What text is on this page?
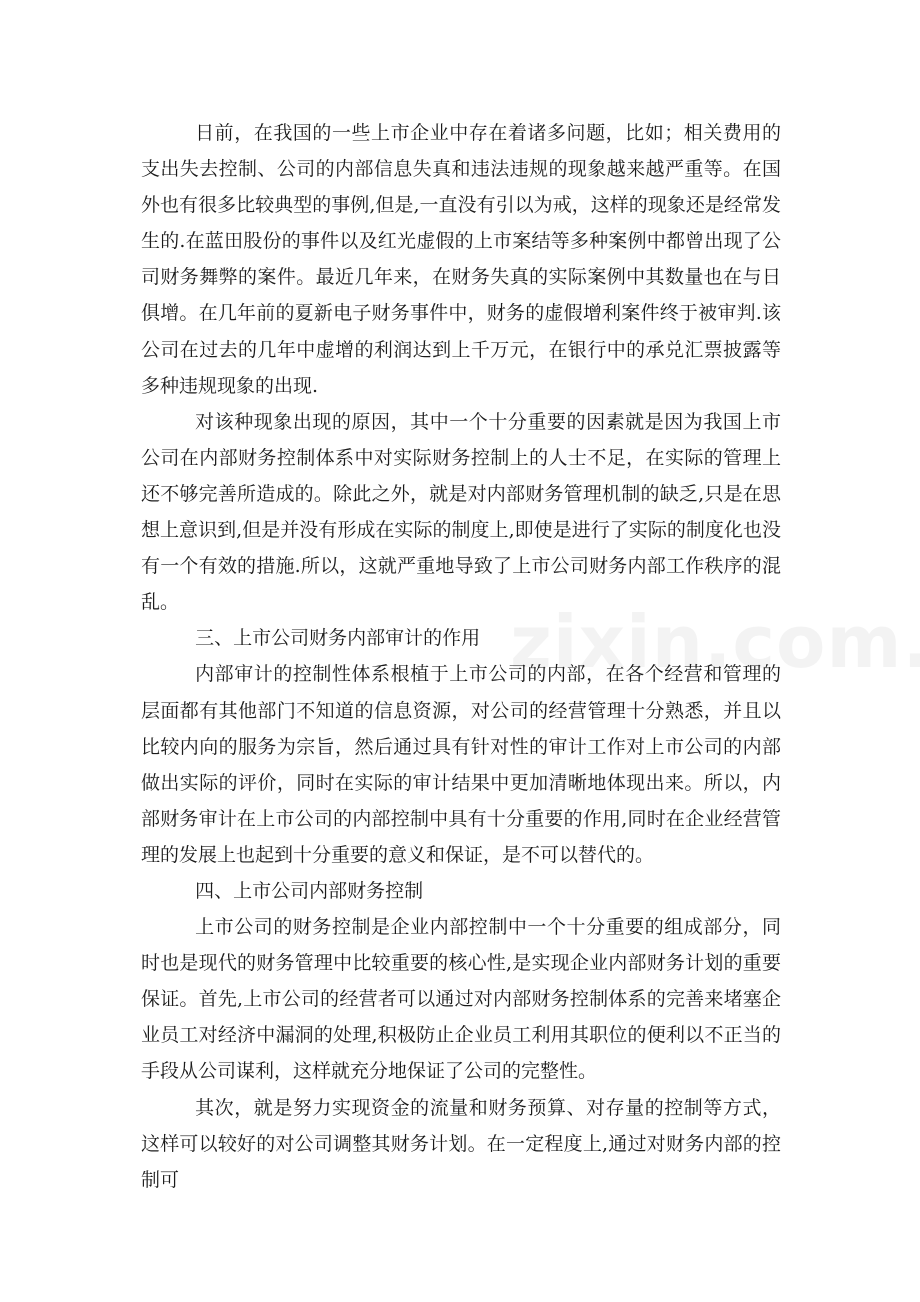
日前，在我国的一些上市企业中存在着诸多问题，比如；相关费用的支出失去控制、公司的内部信息失真和违法违规的现象越来越严重等。在国外也有很多比较典型的事例,但是,一直没有引以为戒，这样的现象还是经常发生的.在蓝田股份的事件以及红光虚假的上市案结等多种案例中都曾出现了公司财务舞弊的案件。最近几年来，在财务失真的实际案例中其数量也在与日俱增。在几年前的夏新电子财务事件中，财务的虚假增利案件终于被审判.该公司在过去的几年中虚增的利润达到上千万元，在银行中的承兑汇票披露等多种违规现象的出现.

对该种现象出现的原因，其中一个十分重要的因素就是因为我国上市公司在内部财务控制体系中对实际财务控制上的人士不足，在实际的管理上还不够完善所造成的。除此之外，就是对内部财务管理机制的缺乏,只是在思想上意识到,但是并没有形成在实际的制度上,即使是进行了实际的制度化也没有一个有效的措施.所以，这就严重地导致了上市公司财务内部工作秩序的混乱。

三、上市公司财务内部审计的作用

内部审计的控制性体系根植于上市公司的内部，在各个经营和管理的层面都有其他部门不知道的信息资源，对公司的经营管理十分熟悉，并且以比较内向的服务为宗旨，然后通过具有针对性的审计工作对上市公司的内部做出实际的评价，同时在实际的审计结果中更加清晰地体现出来。所以，内部财务审计在上市公司的内部控制中具有十分重要的作用,同时在企业经营管理的发展上也起到十分重要的意义和保证，是不可以替代的。

四、上市公司内部财务控制

上市公司的财务控制是企业内部控制中一个十分重要的组成部分，同时也是现代的财务管理中比较重要的核心性,是实现企业内部财务计划的重要保证。首先,上市公司的经营者可以通过对内部财务控制体系的完善来堵塞企业员工对经济中漏洞的处理,积极防止企业员工利用其职位的便利以不正当的手段从公司谋利，这样就充分地保证了公司的完整性。

其次，就是努力实现资金的流量和财务预算、对存量的控制等方式，这样可以较好的对公司调整其财务计划。在一定程度上,通过对财务内部的控制可
